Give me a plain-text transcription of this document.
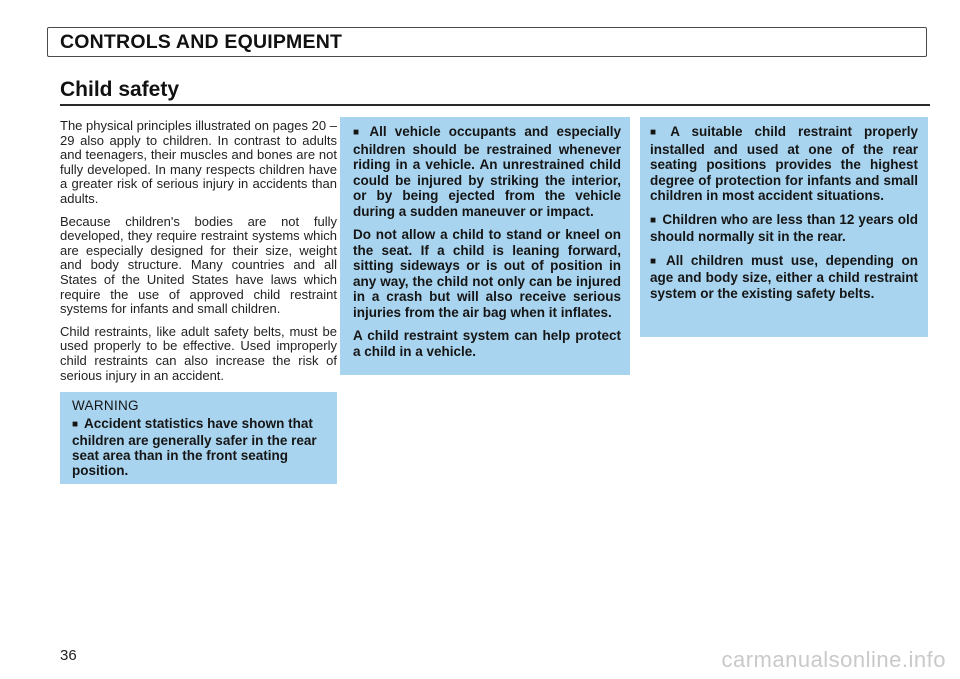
CONTROLS AND EQUIPMENT
Child safety

The physical principles illustrated on pages 20 – 29 also apply to children. In contrast to adults and teenagers, their muscles and bones are not fully developed. In many respects children have a greater risk of serious injury in accidents than adults.

Because children's bodies are not fully developed, they require restraint systems which are especially designed for their size, weight and body structure. Many countries and all States of the United States have laws which require the use of approved child restraint systems for infants and small children.

Child restraints, like adult safety belts, must be used properly to be effective. Used improperly child restraints can also increase the risk of serious injury in an accident.

WARNING
■ Accident statistics have shown that children are generally safer in the rear seat area than in the front seating position.

■ All vehicle occupants and especially children should be restrained whenever riding in a vehicle. An unrestrained child could be injured by striking the interior, or by being ejected from the vehicle during a sudden maneuver or impact.

Do not allow a child to stand or kneel on the seat. If a child is leaning forward, sitting sideways or is out of position in any way, the child not only can be injured in a crash but will also receive serious injuries from the air bag when it inflates.

A child restraint system can help protect a child in a vehicle.

■ A suitable child restraint properly installed and used at one of the rear seating positions provides the highest degree of protection for infants and small children in most accident situations.

■ Children who are less than 12 years old should normally sit in the rear.

■ All children must use, depending on age and body size, either a child restraint system or the existing safety belts.

36	carmanualsonline.info
